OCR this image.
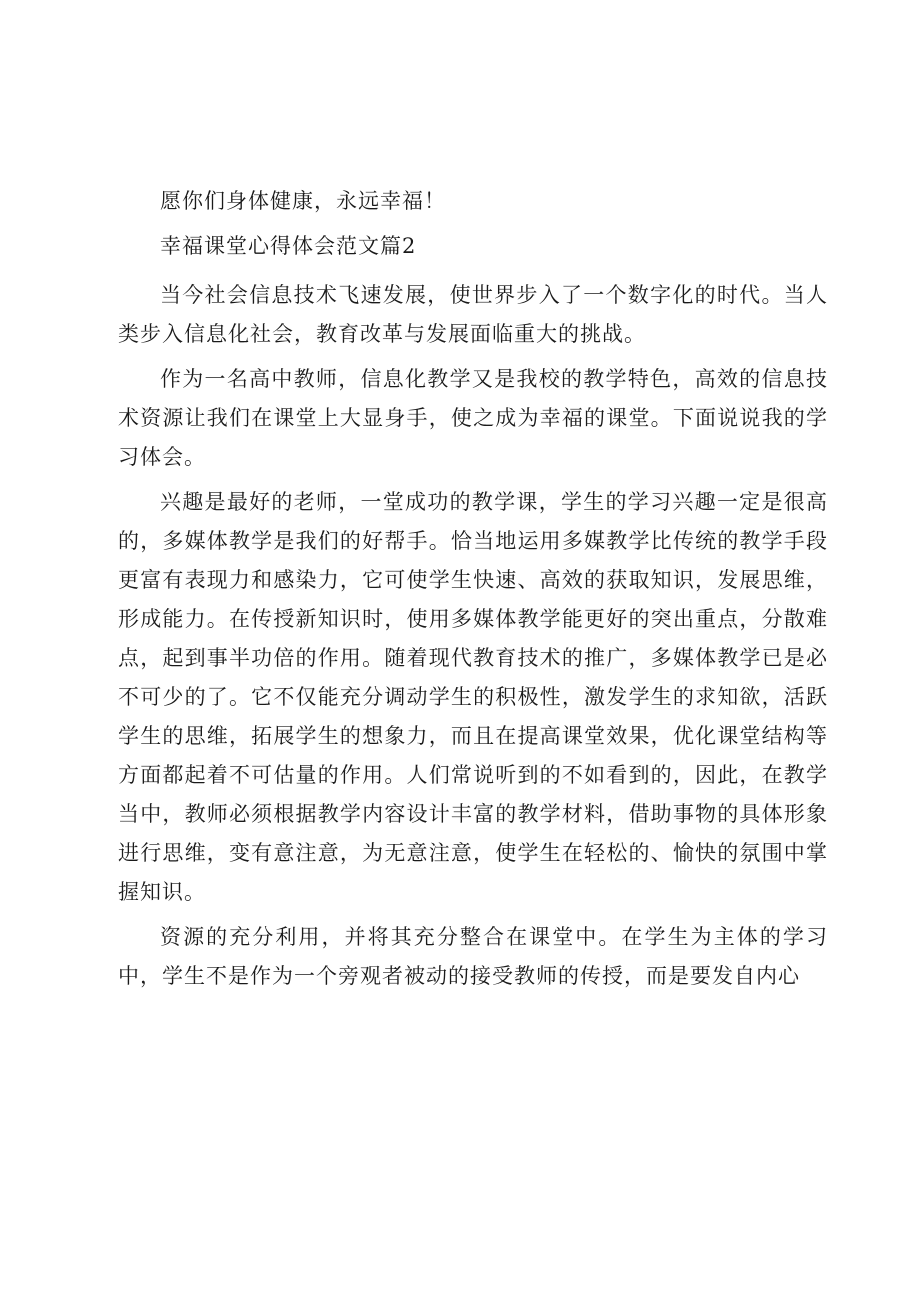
愿你们身体健康，永远幸福！

幸福课堂心得体会范文篇2

当今社会信息技术飞速发展，使世界步入了一个数字化的时代。当人类步入信息化社会，教育改革与发展面临重大的挑战。

作为一名高中教师，信息化教学又是我校的教学特色，高效的信息技术资源让我们在课堂上大显身手，使之成为幸福的课堂。下面说说我的学习体会。

兴趣是最好的老师，一堂成功的教学课，学生的学习兴趣一定是很高的，多媒体教学是我们的好帮手。恰当地运用多媒教学比传统的教学手段更富有表现力和感染力，它可使学生快速、高效的获取知识，发展思维，形成能力。在传授新知识时，使用多媒体教学能更好的突出重点，分散难点，起到事半功倍的作用。随着现代教育技术的推广，多媒体教学已是必不可少的了。它不仅能充分调动学生的积极性，激发学生的求知欲，活跃学生的思维，拓展学生的想象力，而且在提高课堂效果，优化课堂结构等方面都起着不可估量的作用。人们常说听到的不如看到的，因此，在教学当中，教师必须根据教学内容设计丰富的教学材料，借助事物的具体形象进行思维，变有意注意，为无意注意，使学生在轻松的、愉快的氛围中掌握知识。

资源的充分利用，并将其充分整合在课堂中。在学生为主体的学习中，学生不是作为一个旁观者被动的接受教师的传授，而是要发自内心
